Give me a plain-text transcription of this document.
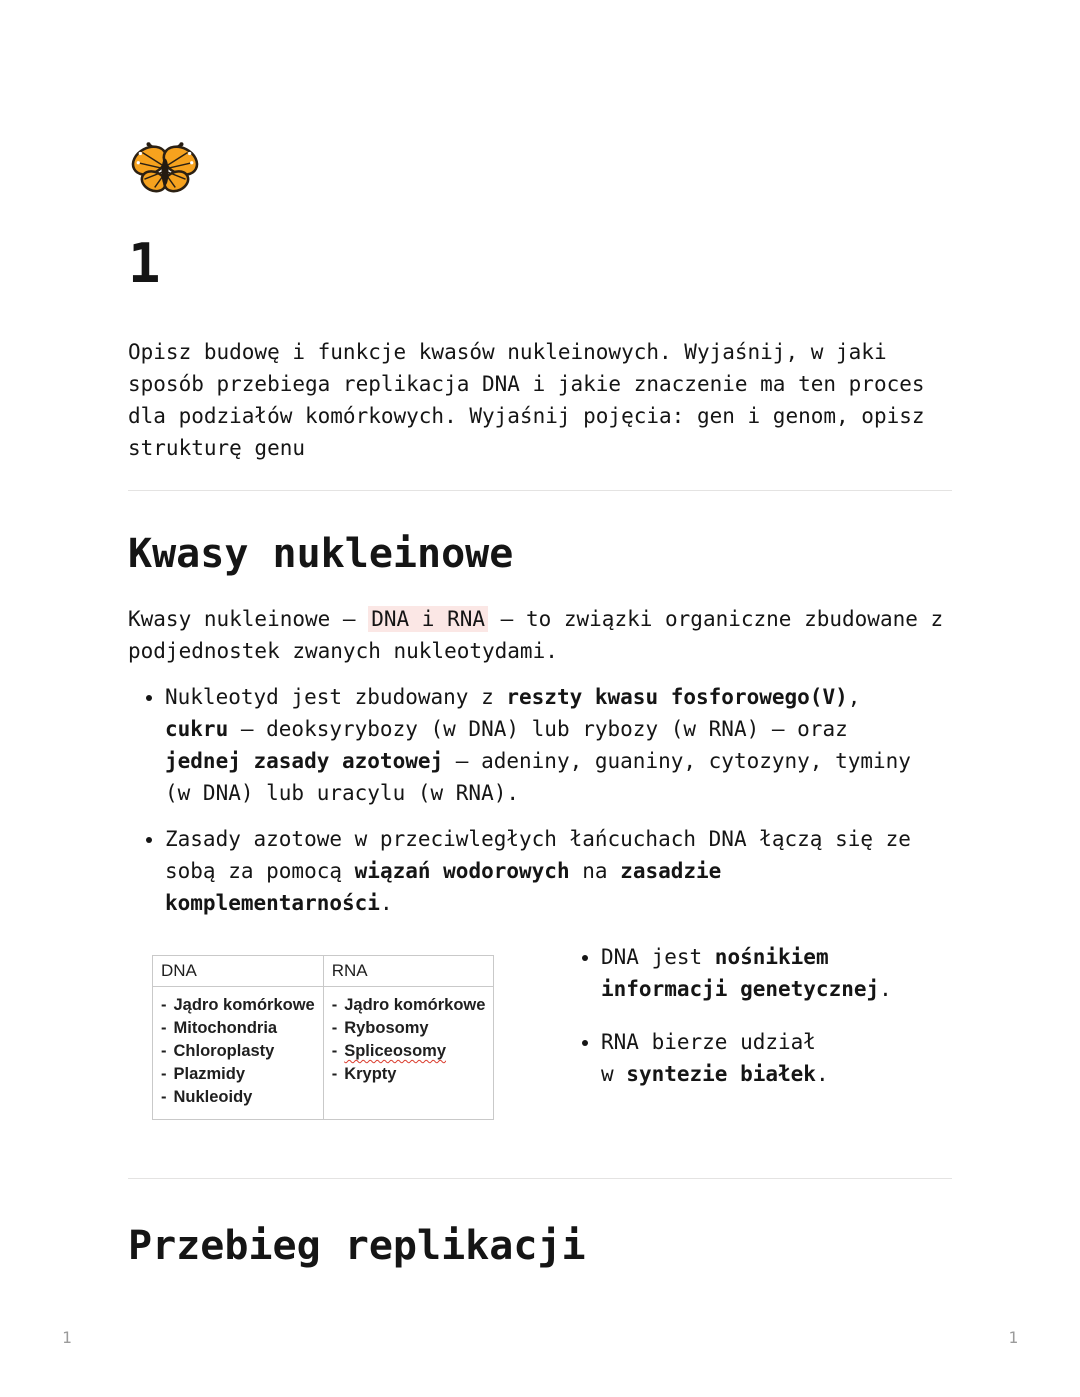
1

Opisz budowę i funkcje kwasów nukleinowych. Wyjaśnij, w jaki sposób przebiega replikacja DNA i jakie znaczenie ma ten proces dla podziałów komórkowych. Wyjaśnij pojęcia: gen i genom, opisz strukturę genu

Kwasy nukleinowe

Kwasy nukleinowe – DNA i RNA – to związki organiczne zbudowane z podjednostek zwanych nukleotydami.

• Nukleotyd jest zbudowany z reszty kwasu fosforowego(V), cukru – deoksyrybozy (w DNA) lub rybozy (w RNA) – oraz jednej zasady azotowej – adeniny, guaniny, cytozyny, tyminy (w DNA) lub uracylu (w RNA).
• Zasady azotowe w przeciwległych łańcuchach DNA łączą się ze sobą za pomocą wiązań wodorowych na zasadzie komplementarności.
DNA	RNA

- Jądro komórkowe
- Mitochondria
- Chloroplasty
- Plazmidy
- Nukleoidy

- Jądro komórkowe
- Rybosomy
- Spliceosomy
- Krypty
• DNA jest nośnikiem
informacji genetycznej.
• RNA bierze udział
w syntezie białek.
Przebieg replikacji
1	1
